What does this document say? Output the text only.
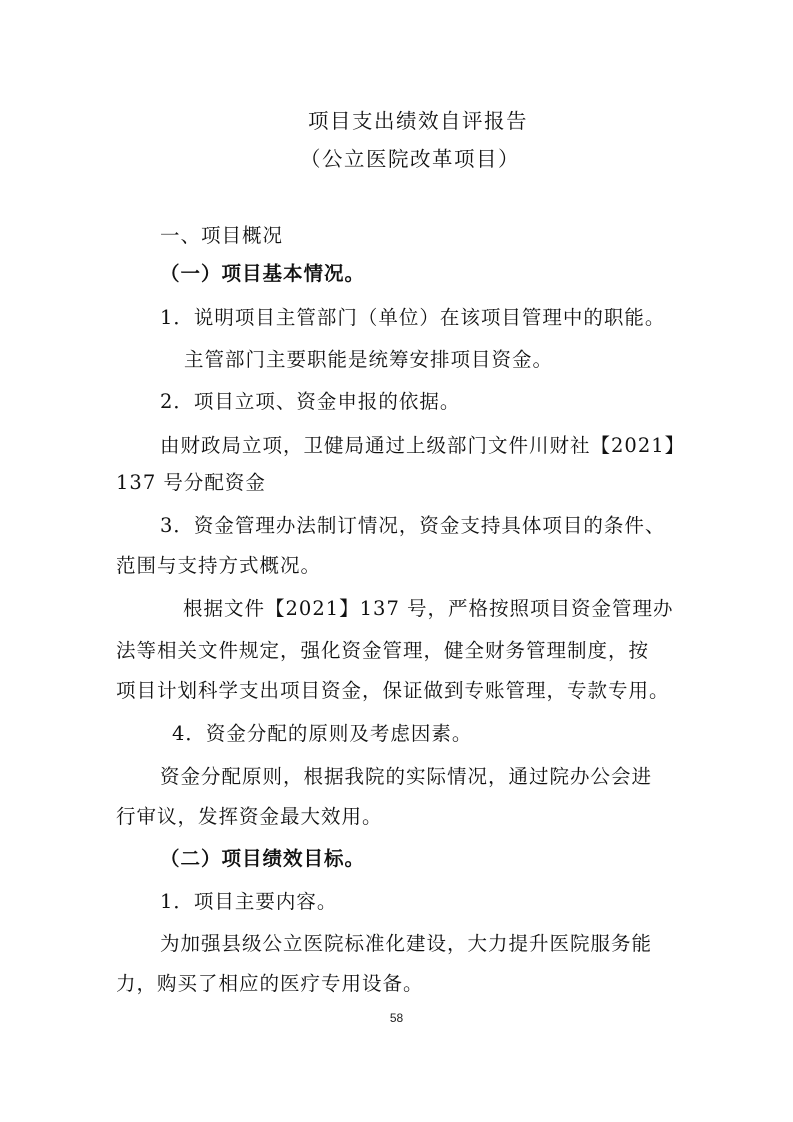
项目支出绩效自评报告
（公立医院改革项目）
一、项目概况
（一）项目基本情况。
1．说明项目主管部门（单位）在该项目管理中的职能。
主管部门主要职能是统筹安排项目资金。
2．项目立项、资金申报的依据。
由财政局立项，卫健局通过上级部门文件川财社【2021】
137 号分配资金
3．资金管理办法制订情况，资金支持具体项目的条件、
范围与支持方式概况。
根据文件【2021】137 号，严格按照项目资金管理办
法等相关文件规定，强化资金管理，健全财务管理制度，按
项目计划科学支出项目资金，保证做到专账管理，专款专用。
4．资金分配的原则及考虑因素。
资金分配原则，根据我院的实际情况，通过院办公会进
行审议，发挥资金最大效用。
（二）项目绩效目标。
1．项目主要内容。
为加强县级公立医院标准化建设，大力提升医院服务能
力，购买了相应的医疗专用设备。
58
